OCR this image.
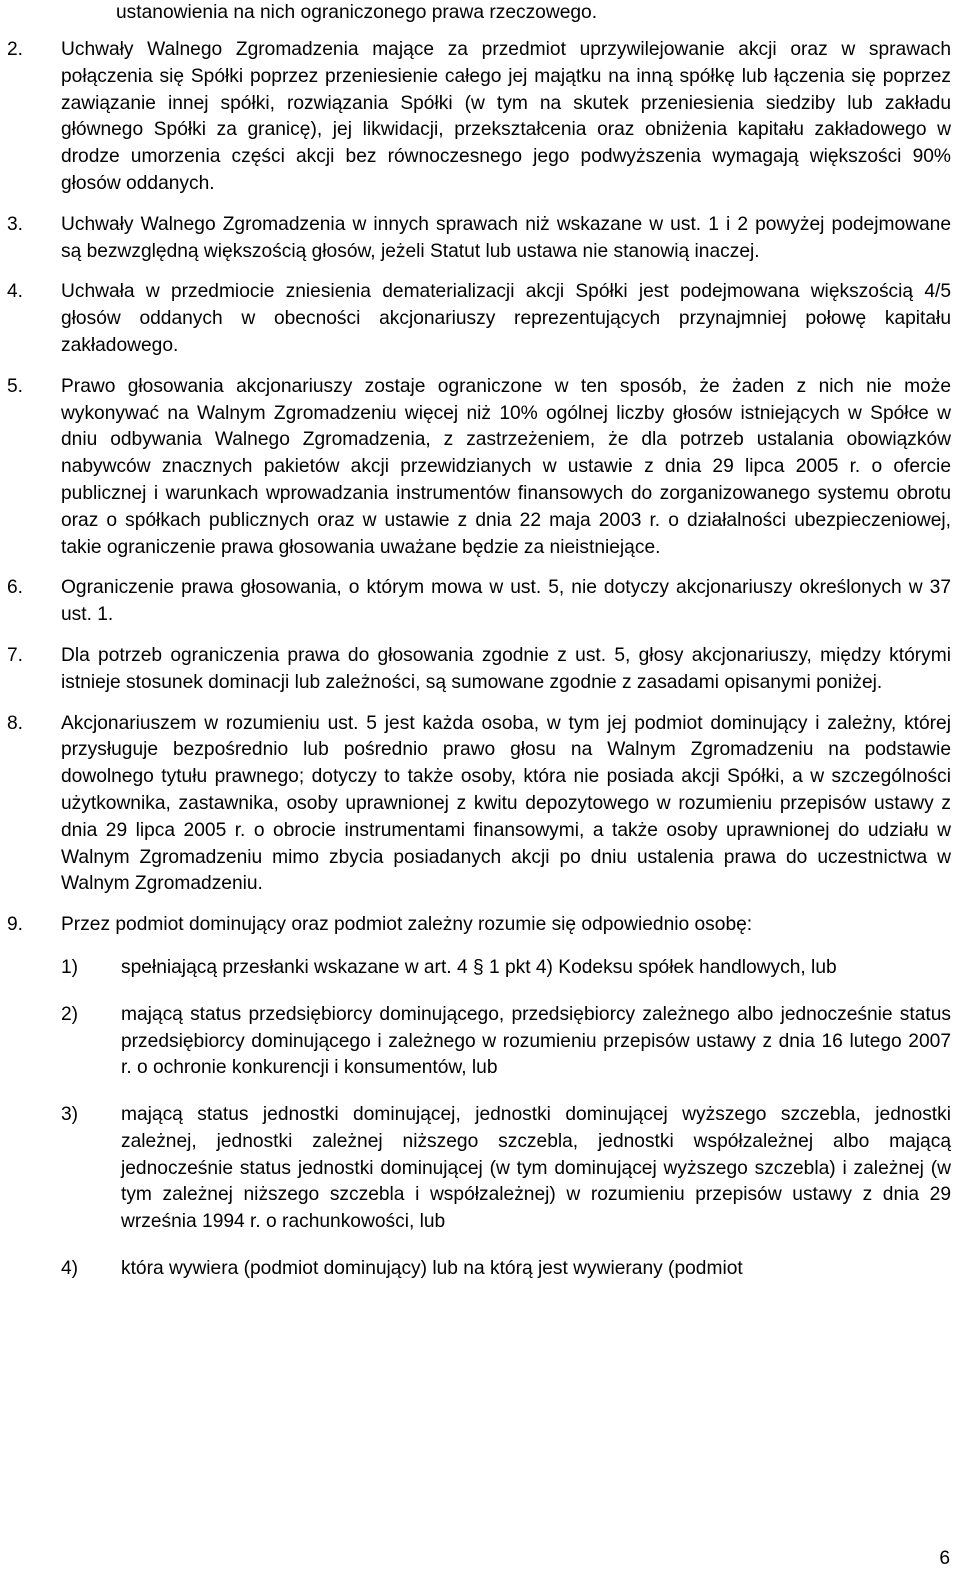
ustanowienia na nich ograniczonego prawa rzeczowego.
2. Uchwały Walnego Zgromadzenia mające za przedmiot uprzywilejowanie akcji oraz w sprawach połączenia się Spółki poprzez przeniesienie całego jej majątku na inną spółkę lub łączenia się poprzez zawiązanie innej spółki, rozwiązania Spółki (w tym na skutek przeniesienia siedziby lub zakładu głównego Spółki za granicę), jej likwidacji, przekształcenia oraz obniżenia kapitału zakładowego w drodze umorzenia części akcji bez równoczesnego jego podwyższenia wymagają większości 90% głosów oddanych.
3. Uchwały Walnego Zgromadzenia w innych sprawach niż wskazane w ust. 1 i 2 powyżej podejmowane są bezwzględną większością głosów, jeżeli Statut lub ustawa nie stanowią inaczej.
4. Uchwała w przedmiocie zniesienia dematerializacji akcji Spółki jest podejmowana większością 4/5 głosów oddanych w obecności akcjonariuszy reprezentujących przynajmniej połowę kapitału zakładowego.
5. Prawo głosowania akcjonariuszy zostaje ograniczone w ten sposób, że żaden z nich nie może wykonywać na Walnym Zgromadzeniu więcej niż 10% ogólnej liczby głosów istniejących w Spółce w dniu odbywania Walnego Zgromadzenia, z zastrzeżeniem, że dla potrzeb ustalania obowiązków nabywców znacznych pakietów akcji przewidzianych w ustawie z dnia 29 lipca 2005 r. o ofercie publicznej i warunkach wprowadzania instrumentów finansowych do zorganizowanego systemu obrotu oraz o spółkach publicznych oraz w ustawie z dnia 22 maja 2003 r. o działalności ubezpieczeniowej, takie ograniczenie prawa głosowania uważane będzie za nieistniejące.
6. Ograniczenie prawa głosowania, o którym mowa w ust. 5, nie dotyczy akcjonariuszy określonych w 37 ust. 1.
7. Dla potrzeb ograniczenia prawa do głosowania zgodnie z ust. 5, głosy akcjonariuszy, między którymi istnieje stosunek dominacji lub zależności, są sumowane zgodnie z zasadami opisanymi poniżej.
8. Akcjonariuszem w rozumieniu ust. 5 jest każda osoba, w tym jej podmiot dominujący i zależny, której przysługuje bezpośrednio lub pośrednio prawo głosu na Walnym Zgromadzeniu na podstawie dowolnego tytułu prawnego; dotyczy to także osoby, która nie posiada akcji Spółki, a w szczególności użytkownika, zastawnika, osoby uprawnionej z kwitu depozytowego w rozumieniu przepisów ustawy z dnia 29 lipca 2005 r. o obrocie instrumentami finansowymi, a także osoby uprawnionej do udziału w Walnym Zgromadzeniu mimo zbycia posiadanych akcji po dniu ustalenia prawa do uczestnictwa w Walnym Zgromadzeniu.
9. Przez podmiot dominujący oraz podmiot zależny rozumie się odpowiednio osobę:
1) spełniającą przesłanki wskazane w art. 4 § 1 pkt 4) Kodeksu spółek handlowych, lub
2) mającą status przedsiębiorcy dominującego, przedsiębiorcy zależnego albo jednocześnie status przedsiębiorcy dominującego i zależnego w rozumieniu przepisów ustawy z dnia 16 lutego 2007 r. o ochronie konkurencji i konsumentów, lub
3) mającą status jednostki dominującej, jednostki dominującej wyższego szczebla, jednostki zależnej, jednostki zależnej niższego szczebla, jednostki współzależnej albo mającą jednocześnie status jednostki dominującej (w tym dominującej wyższego szczebla) i zależnej (w tym zależnej niższego szczebla i współzależnej) w rozumieniu przepisów ustawy z dnia 29 września 1994 r. o rachunkowości, lub
4) która wywiera (podmiot dominujący) lub na którą jest wywierany (podmiot
6
